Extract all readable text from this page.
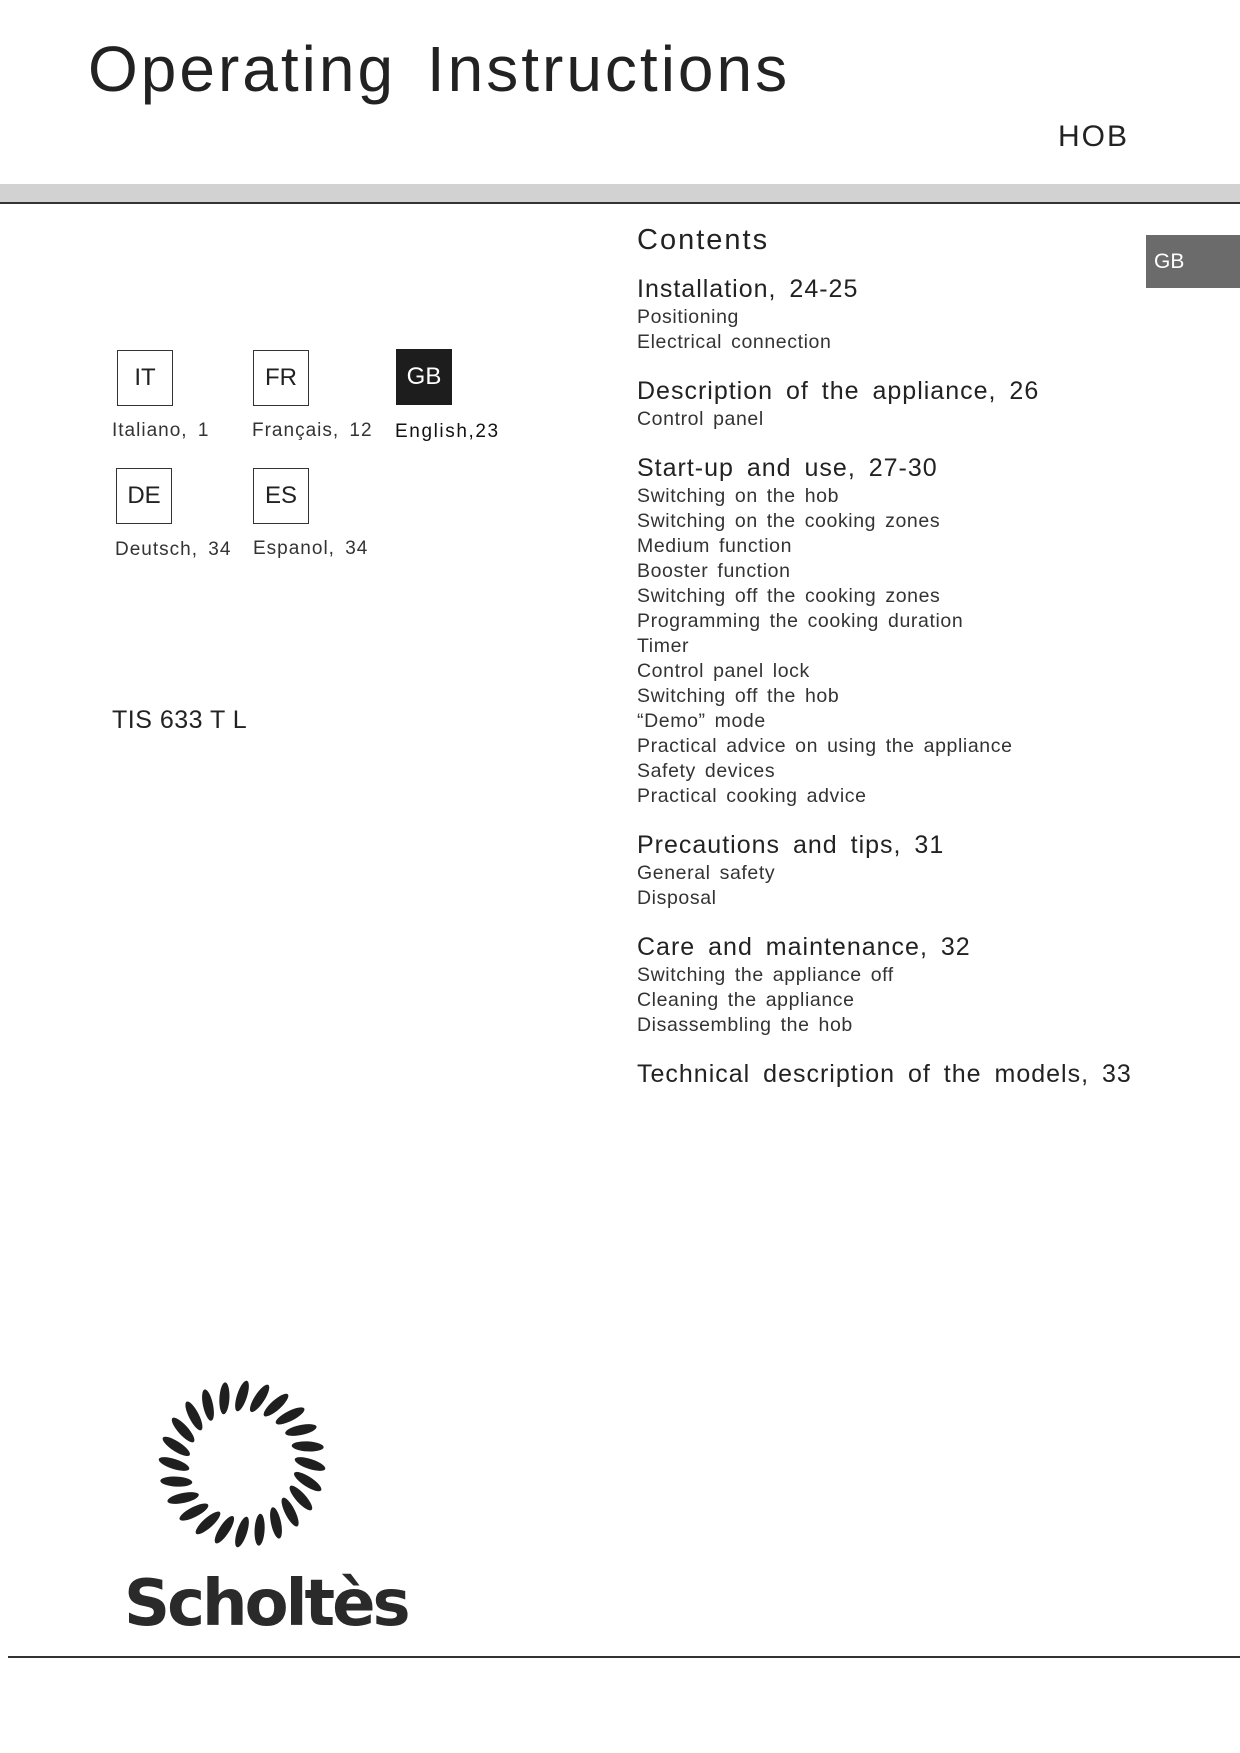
Operating Instructions
HOB
GB
IT
Italiano, 1
FR
Français, 12
GB
English,23
DE
Deutsch, 34
ES
Espanol, 34
TIS 633 T L
Contents
Installation, 24-25
Positioning
Electrical connection
Description of the appliance, 26
Control panel
Start-up and use, 27-30
Switching on the hob
Switching on the cooking zones
Medium function
Booster function
Switching off the cooking zones
Programming the cooking duration
Timer
Control panel lock
Switching off the hob
“Demo” mode
Practical advice on using the appliance
Safety devices
Practical cooking advice
Precautions and tips, 31
General safety
Disposal
Care and maintenance, 32
Switching the appliance off
Cleaning the appliance
Disassembling the hob
Technical description of the models, 33
Scholtès
